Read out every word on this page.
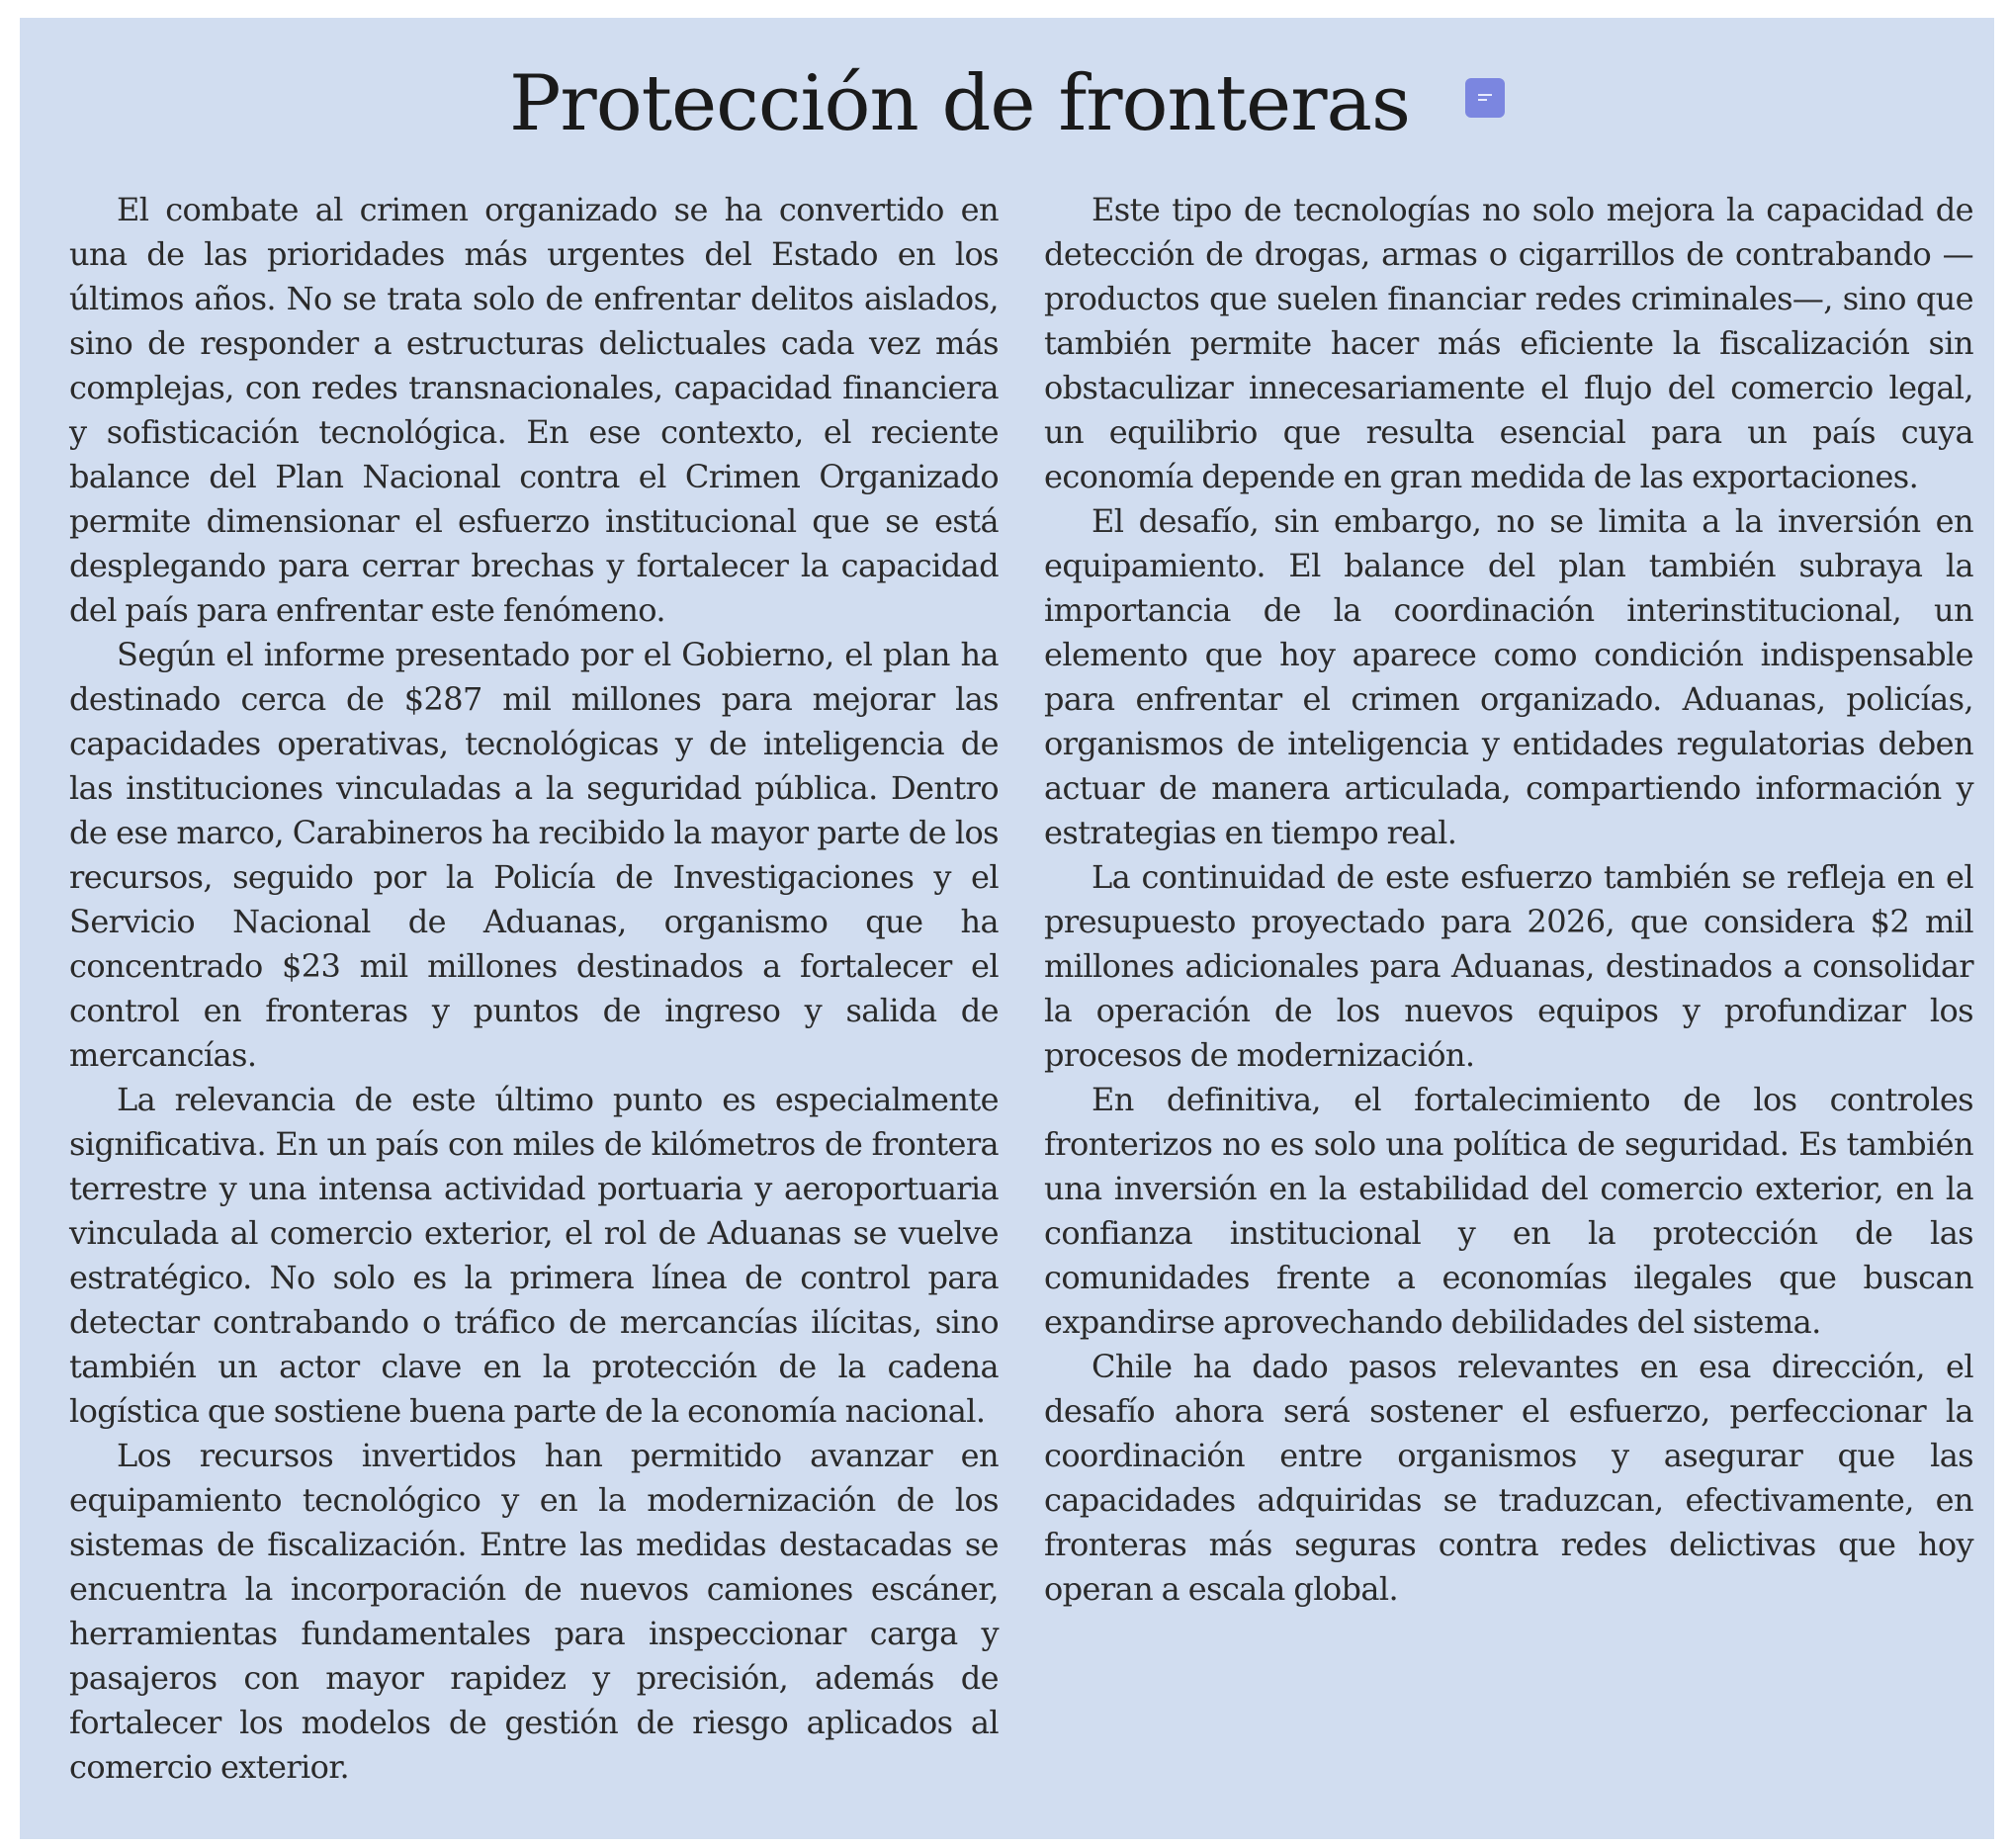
Protección de fronteras

El combate al crimen organizado se ha convertido en una de las prioridades más urgentes del Estado en los últimos años. No se trata solo de enfrentar delitos aislados, sino de responder a estructuras delictuales cada vez más complejas, con redes transnacionales, capacidad financiera y sofisticación tecnológica. En ese contexto, el reciente balance del Plan Nacional contra el Crimen Organizado permite dimensionar el esfuerzo institucional que se está desplegando para cerrar brechas y fortalecer la capacidad del país para enfrentar este fenómeno.

Según el informe presentado por el Gobierno, el plan ha destinado cerca de $287 mil millones para mejorar las capacidades operativas, tecnológicas y de inteligencia de las instituciones vinculadas a la seguridad pública. Dentro de ese marco, Carabineros ha recibido la mayor parte de los recursos, seguido por la Policía de Investigaciones y el Servicio Nacional de Aduanas, organismo que ha concentrado $23 mil millones destinados a fortalecer el control en fronteras y puntos de ingreso y salida de mercancías.

La relevancia de este último punto es especialmente significativa. En un país con miles de kilómetros de frontera terrestre y una intensa actividad portuaria y aeroportuaria vinculada al comercio exterior, el rol de Aduanas se vuelve estratégico. No solo es la primera línea de control para detectar contrabando o tráfico de mercancías ilícitas, sino también un actor clave en la protección de la cadena logística que sostiene buena parte de la economía nacional.

Los recursos invertidos han permitido avanzar en equipamiento tecnológico y en la modernización de los sistemas de fiscalización. Entre las medidas destacadas se encuentra la incorporación de nuevos camiones escáner, herramientas fundamentales para inspeccionar carga y pasajeros con mayor rapidez y precisión, además de fortalecer los modelos de gestión de riesgo aplicados al comercio exterior.

Este tipo de tecnologías no solo mejora la capacidad de detección de drogas, armas o cigarrillos de contrabando —productos que suelen financiar redes criminales—, sino que también permite hacer más eficiente la fiscalización sin obstaculizar innecesariamente el flujo del comercio legal, un equilibrio que resulta esencial para un país cuya economía depende en gran medida de las exportaciones.

El desafío, sin embargo, no se limita a la inversión en equipamiento. El balance del plan también subraya la importancia de la coordinación interinstitucional, un elemento que hoy aparece como condición indispensable para enfrentar el crimen organizado. Aduanas, policías, organismos de inteligencia y entidades regulatorias deben actuar de manera articulada, compartiendo información y estrategias en tiempo real.

La continuidad de este esfuerzo también se refleja en el presupuesto proyectado para 2026, que considera $2 mil millones adicionales para Aduanas, destinados a consolidar la operación de los nuevos equipos y profundizar los procesos de modernización.

En definitiva, el fortalecimiento de los controles fronterizos no es solo una política de seguridad. Es también una inversión en la estabilidad del comercio exterior, en la confianza institucional y en la protección de las comunidades frente a economías ilegales que buscan expandirse aprovechando debilidades del sistema.

Chile ha dado pasos relevantes en esa dirección, el desafío ahora será sostener el esfuerzo, perfeccionar la coordinación entre organismos y asegurar que las capacidades adquiridas se traduzcan, efectivamente, en fronteras más seguras contra redes delictivas que hoy operan a escala global.
